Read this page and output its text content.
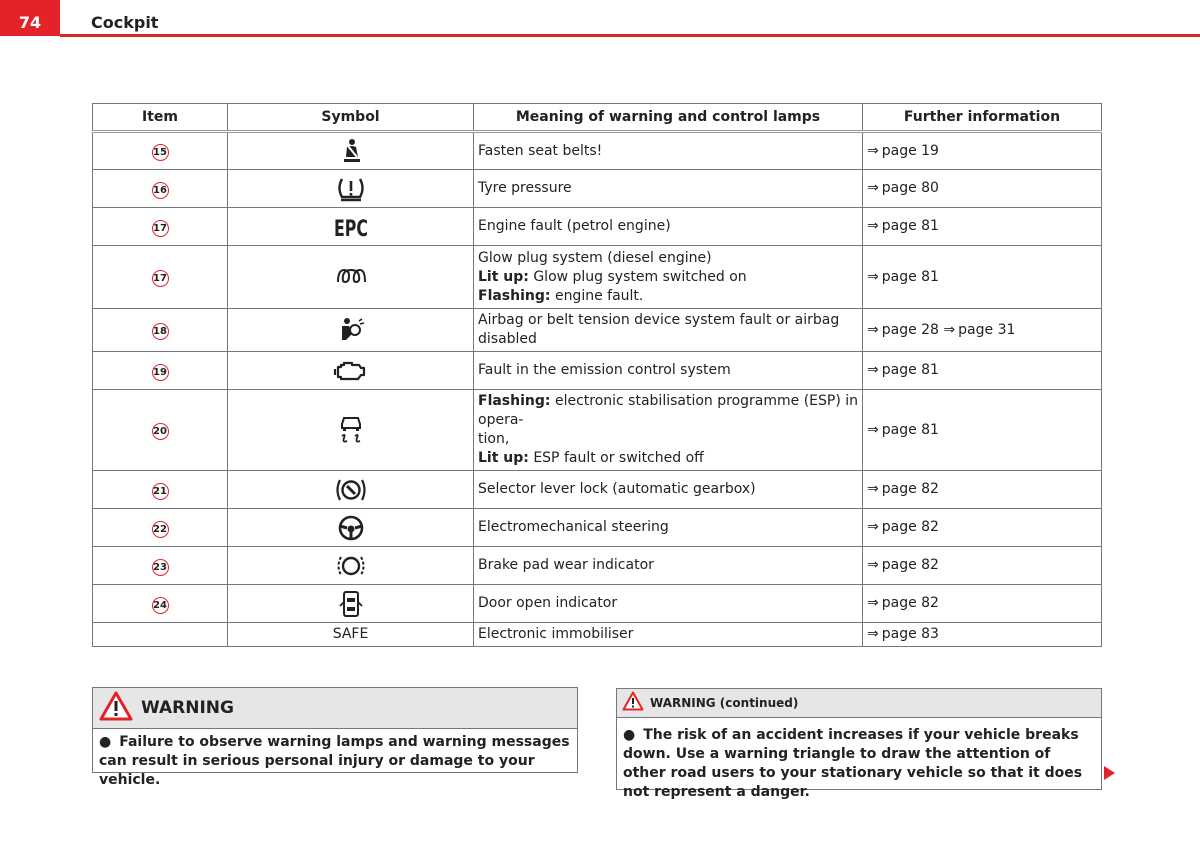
74	Cockpit
Item	Symbol	Meaning of warning and control lamps	Further information
15		Fasten seat belts!	⇒ page 19
16		Tyre pressure	⇒ page 80
17	EPC	Engine fault (petrol engine)	⇒ page 81
17		Glow plug system (diesel engine)
Lit up: Glow plug system switched on
Flashing: engine fault.	⇒ page 81
18		Airbag or belt tension device system fault or airbag disabled	⇒ page 28 ⇒ page 31
19		Fault in the emission control system	⇒ page 81
20		Flashing: electronic stabilisation programme (ESP) in opera-
tion,
Lit up: ESP fault or switched off	⇒ page 81
21		Selector lever lock (automatic gearbox)	⇒ page 82
22		Electromechanical steering	⇒ page 82
23		Brake pad wear indicator	⇒ page 82
24		Door open indicator	⇒ page 82
	SAFE	Electronic immobiliser	⇒ page 83
WARNING
● Failure to observe warning lamps and warning messages can result in serious personal injury or damage to your vehicle.
WARNING (continued)
● The risk of an accident increases if your vehicle breaks down. Use a warning triangle to draw the attention of other road users to your stationary vehicle so that it does not represent a danger.
